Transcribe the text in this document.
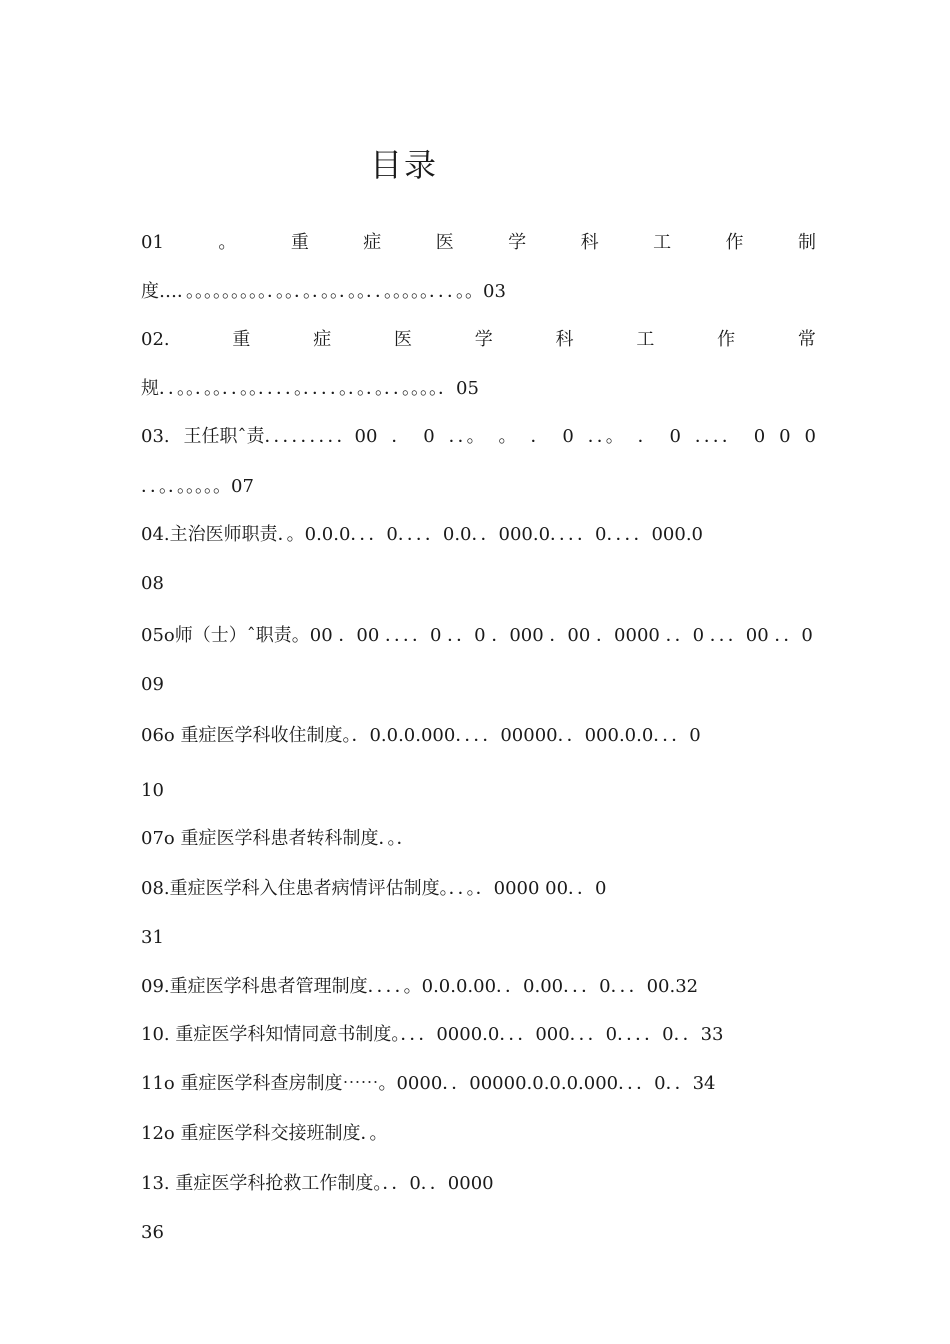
目录
01	。	重	症	医	学	科	工	作	制
度…．。。。。。。。。。．。。．。．。。．。。．．。。。。。．．．。。03
02.	重	症	医	学	科	工	作	常
规．．。。．。。．．。。．．．．。．．．．。．。．。．．。。。。．05
03. 王任职ˆ责．．．．．．．．．00 ． 0 ．．。 。 ． 0 ．．。 ． 0 ．．．． 0 0 0
．．。．。。。。。07
04.主治医师职责．。0.0.0．．．0．．．．0.0．．000.0．．．．0．．．．000.0
08
05o师（士）ˆ职责。00 ．00 ．．．．0 ．．0 ．000 ．00 ．0000 ．．0 ．．．00 ．．0
09
06o 重症医学科收住制度。．0.0.0.000．．．．00000．．000.0.0．．．0
10
07o 重症医学科患者转科制度．。．
08.重症医学科入住患者病情评估制度。．．。．0000 00．．0
31
09.重症医学科患者管理制度．．．．。0.0.0.00．．0.00．．．0．．．00.32
10. 重症医学科知情同意书制度。．．．0000.0．．．000．．．0．．．．0．．33
11o 重症医学科查房制度⋯⋯。0000．．00000.0.0.0.000．．．0．．34
12o 重症医学科交接班制度．。
13. 重症医学科抢救工作制度。．．0．．0000
36
